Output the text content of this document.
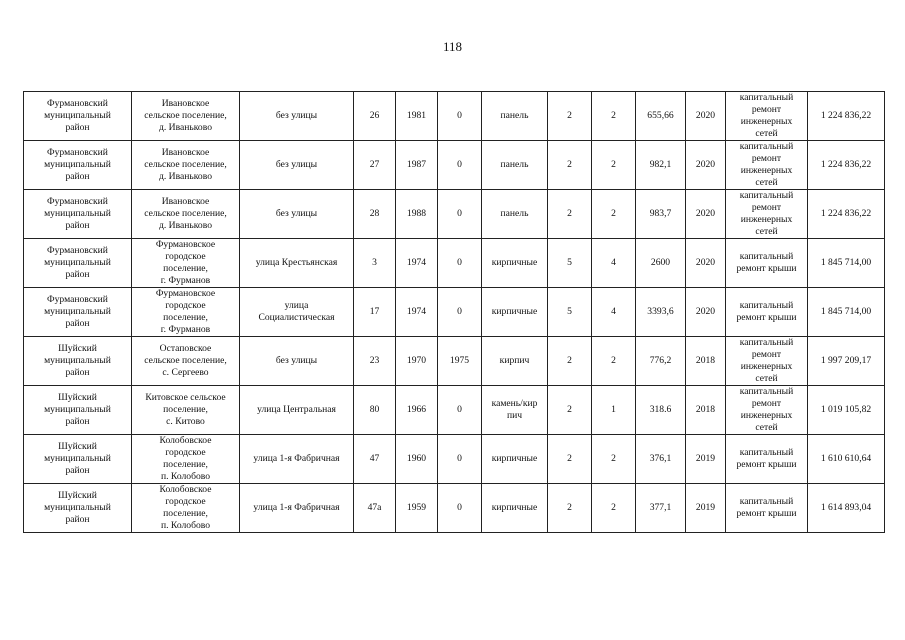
118
Фурмановский
муниципальный
район	Ивановское
сельское поселение,
д. Иваньково	без улицы	26	1981	0	панель	2	2	655,66	2020	капитальный
ремонт
инженерных
сетей	1 224 836,22
Фурмановский
муниципальный
район	Ивановское
сельское поселение,
д. Иваньково	без улицы	27	1987	0	панель	2	2	982,1	2020	капитальный
ремонт
инженерных
сетей	1 224 836,22
Фурмановский
муниципальный
район	Ивановское
сельское поселение,
д. Иваньково	без улицы	28	1988	0	панель	2	2	983,7	2020	капитальный
ремонт
инженерных
сетей	1 224 836,22
Фурмановский
муниципальный
район	Фурмановское
городское
поселение,
г. Фурманов	улица Крестьянская	3	1974	0	кирпичные	5	4	2600	2020	капитальный
ремонт крыши	1 845 714,00
Фурмановский
муниципальный
район	Фурмановское
городское
поселение,
г. Фурманов	улица
Социалистическая	17	1974	0	кирпичные	5	4	3393,6	2020	капитальный
ремонт крыши	1 845 714,00
Шуйский
муниципальный
район	Остаповское
сельское поселение,
с. Сергеево	без улицы	23	1970	1975	кирпич	2	2	776,2	2018	капитальный
ремонт
инженерных
сетей	1 997 209,17
Шуйский
муниципальный
район	Китовское сельское
поселение,
с. Китово	улица Центральная	80	1966	0	камень/кир
пич	2	1	318.6	2018	капитальный
ремонт
инженерных
сетей	1 019 105,82
Шуйский
муниципальный
район	Колобовское
городское
поселение,
п. Колобово	улица 1-я Фабричная	47	1960	0	кирпичные	2	2	376,1	2019	капитальный
ремонт крыши	1 610 610,64
Шуйский
муниципальный
район	Колобовское
городское
поселение,
п. Колобово	улица 1-я Фабричная	47а	1959	0	кирпичные	2	2	377,1	2019	капитальный
ремонт крыши	1 614 893,04
